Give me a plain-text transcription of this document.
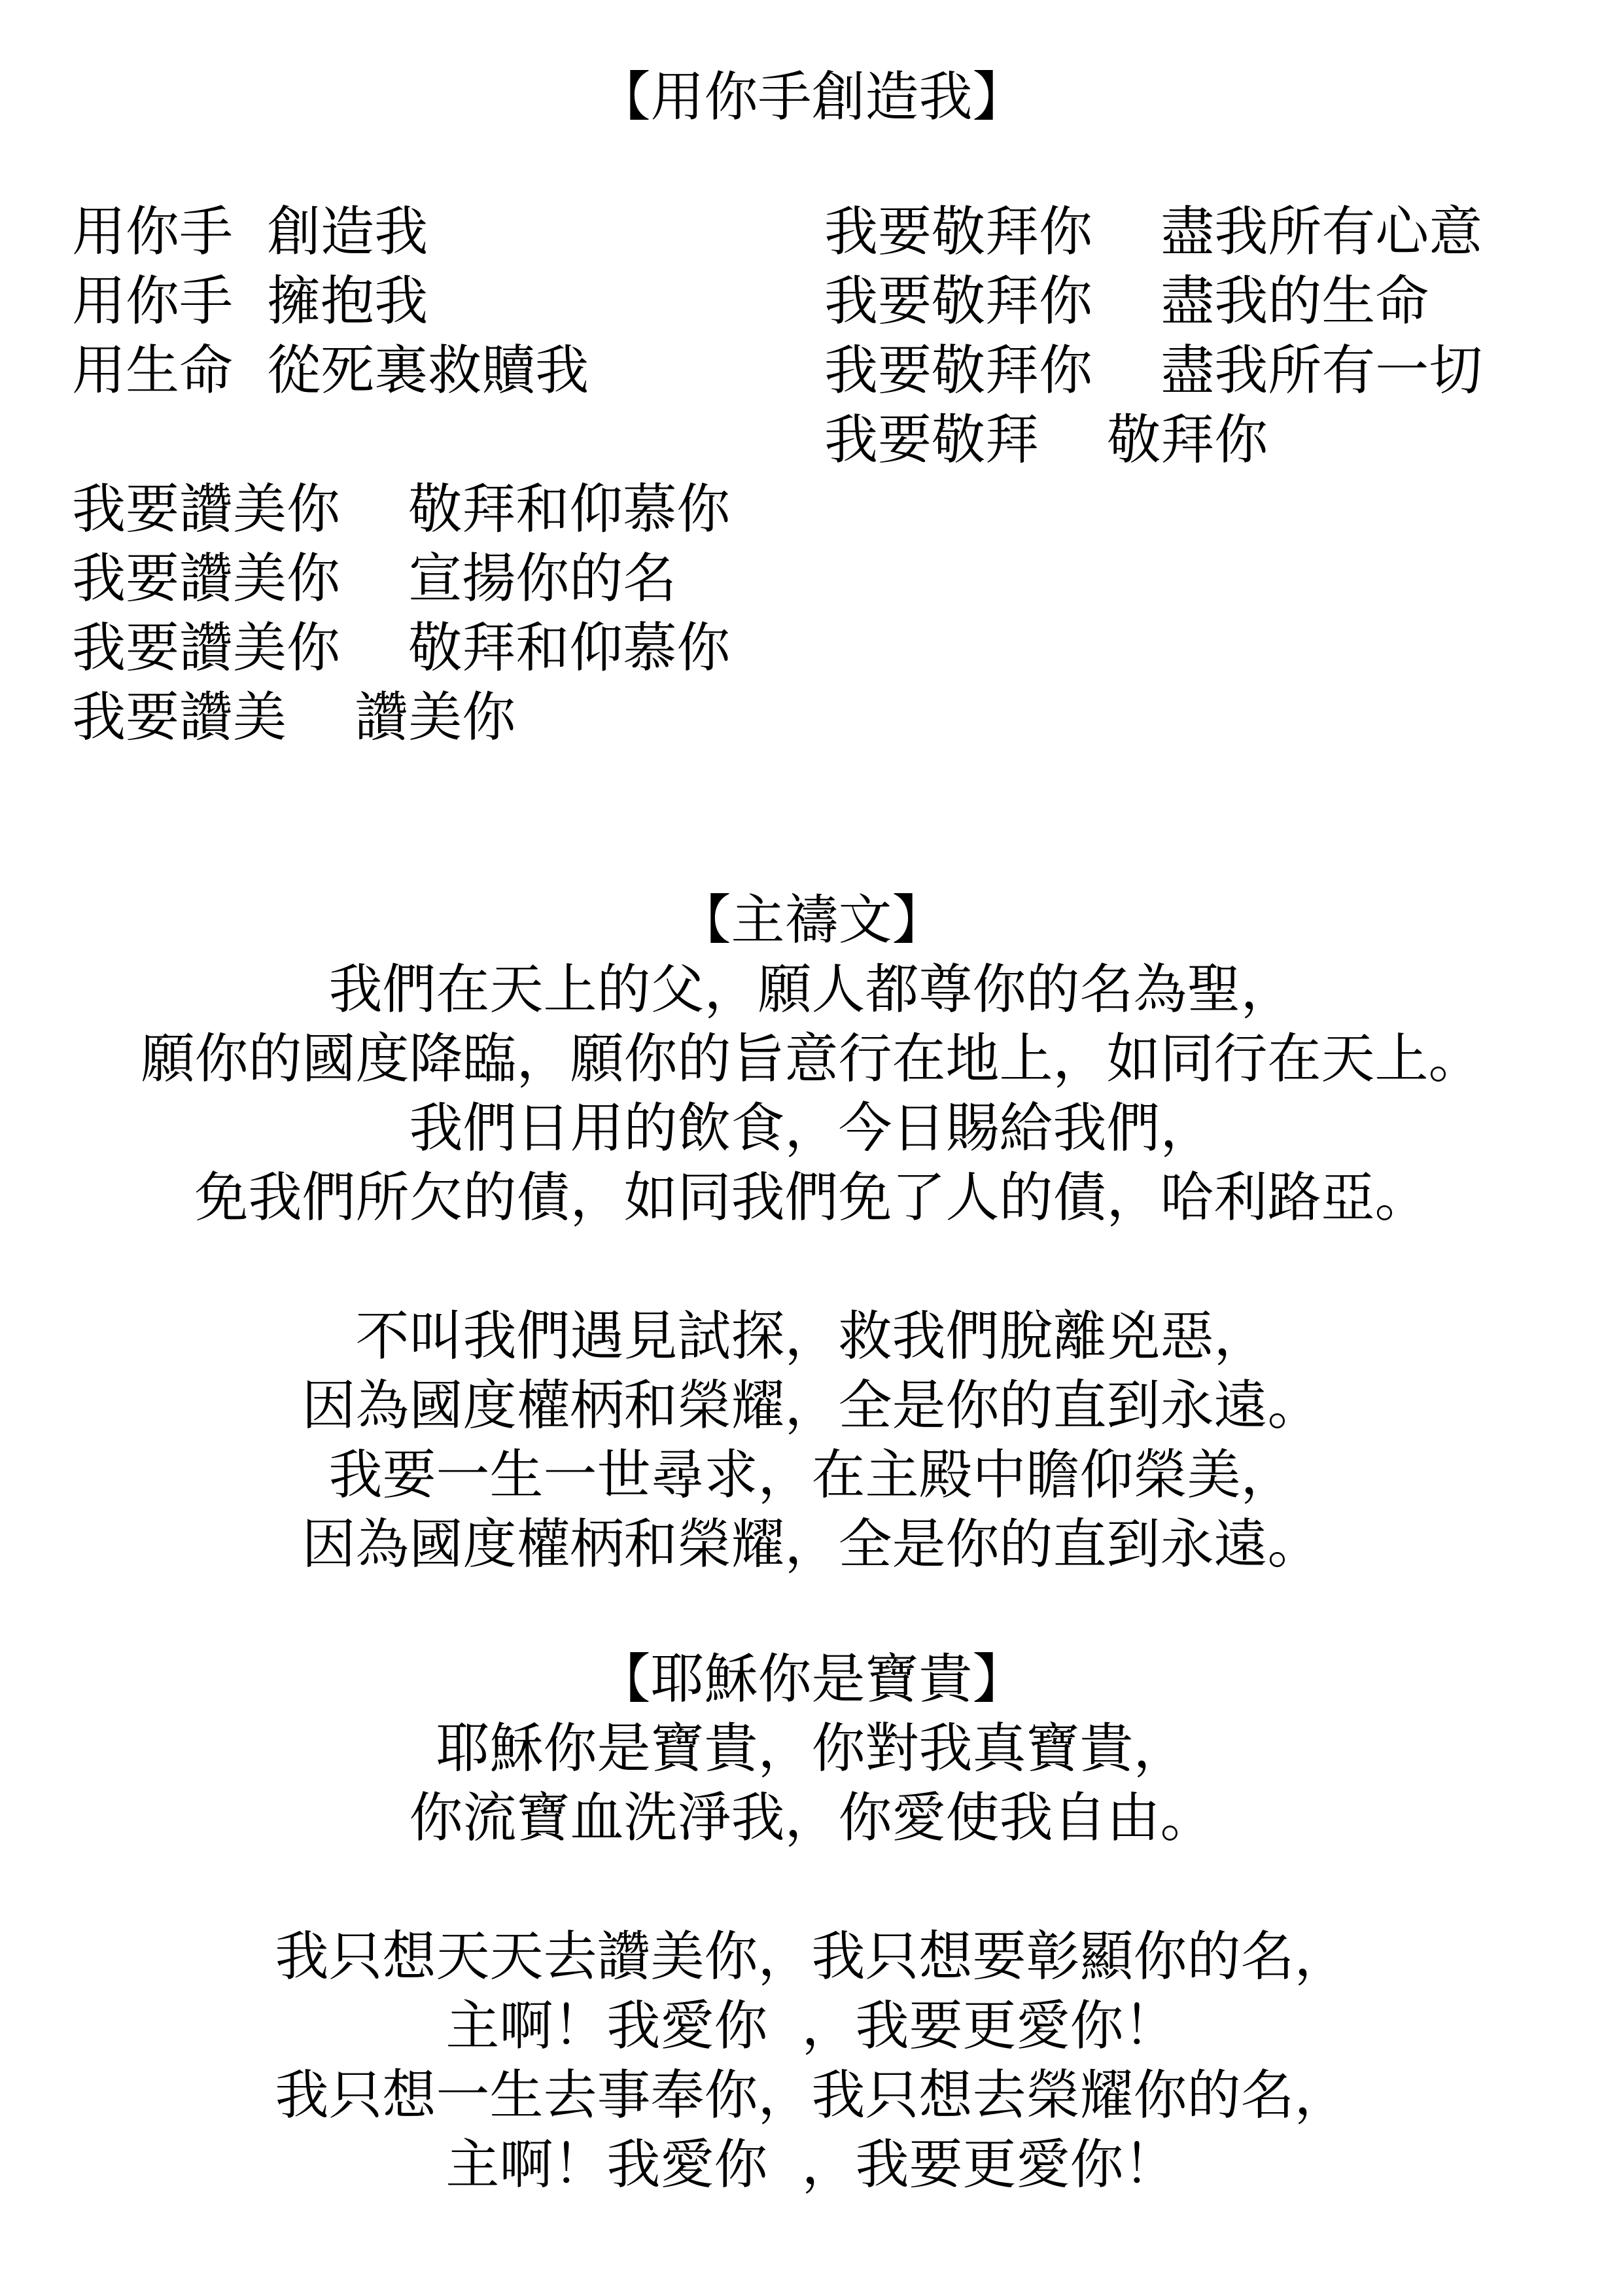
【用你手創造我】
用你手  創造我
用你手  擁抱我
用生命  從死裏救贖我
我要讚美你    敬拜和仰慕你
我要讚美你    宣揚你的名
我要讚美你    敬拜和仰慕你
我要讚美    讚美你
我要敬拜你    盡我所有心意
我要敬拜你    盡我的生命
我要敬拜你    盡我所有一切
我要敬拜    敬拜你
【主禱文】
我們在天上的父，願人都尊你的名為聖，
願你的國度降臨，願你的旨意行在地上，如同行在天上。
我們日用的飲食，今日賜給我們，
免我們所欠的債，如同我們免了人的債，哈利路亞。
不叫我們遇見試探，救我們脫離兇惡，
因為國度權柄和榮耀，全是你的直到永遠。
我要一生一世尋求，在主殿中瞻仰榮美，
因為國度權柄和榮耀，全是你的直到永遠。
【耶穌你是寶貴】
耶穌你是寶貴，你對我真寶貴，
你流寶血洗淨我，你愛使我自由。
我只想天天去讚美你，我只想要彰顯你的名，
主啊！我愛你  ，我要更愛你！
我只想一生去事奉你，我只想去榮耀你的名，
主啊！我愛你  ，我要更愛你！
